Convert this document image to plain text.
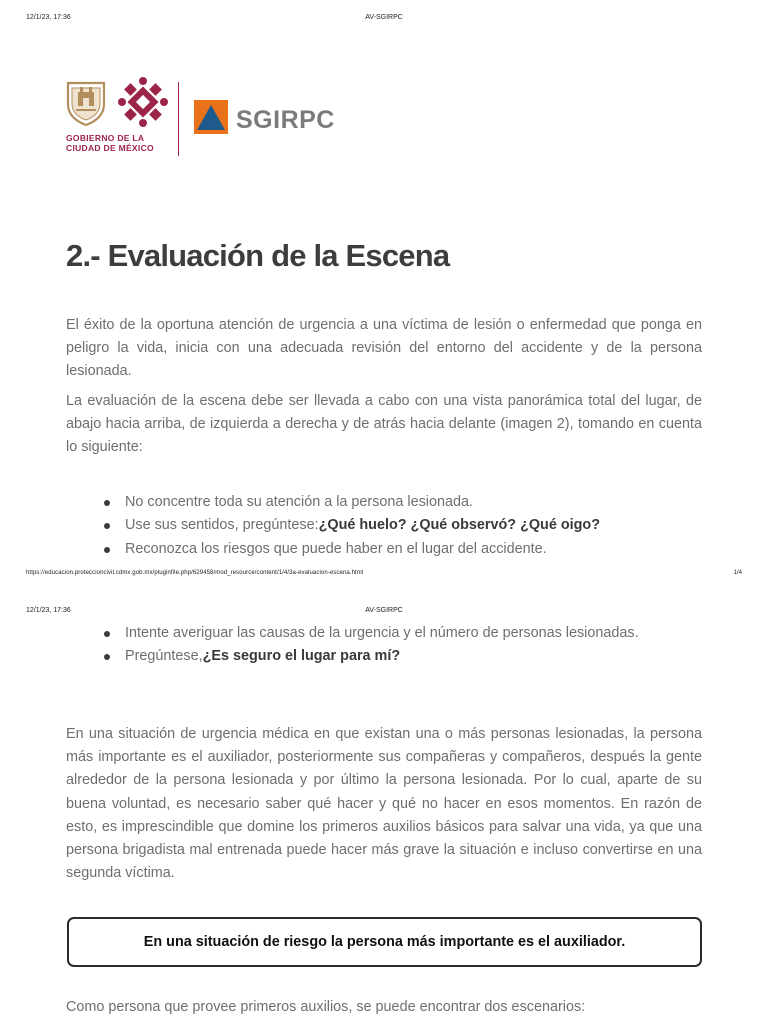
12/1/23, 17:36	AV-SGIRPC
GOBIERNO DE LA
CIUDAD DE MÉXICO
SGIRPC
2.- Evaluación de la Escena

El éxito de la oportuna atención de urgencia a una víctima de lesión o enfermedad que ponga en peligro la vida, inicia con una adecuada revisión del entorno del accidente y de la persona lesionada.

La evaluación de la escena debe ser llevada a cabo con una vista panorámica total del lugar, de abajo hacia arriba, de izquierda a derecha y de atrás hacia delante (imagen 2), tomando en cuenta lo siguiente:

No concentre toda su atención a la persona lesionada.
Use sus sentidos, pregúntese:¿Qué huelo? ¿Qué observó? ¿Qué oigo?
Reconozca los riesgos que puede haber en el lugar del accidente.
https://educacion.proteccioncivil.cdmx.gob.mx/pluginfile.php/629458/mod_resource/content/1/4/3a-evaluacion-escena.html	1/4
12/1/23, 17:36	AV-SGIRPC
Intente averiguar las causas de la urgencia y el número de personas lesionadas.
Pregúntese,¿Es seguro el lugar para mí?

En una situación de urgencia médica en que existan una o más personas lesionadas, la persona más importante es el auxiliador, posteriormente sus compañeras y compañeros, después la gente alrededor de la persona lesionada y por último la persona lesionada. Por lo cual, aparte de su buena voluntad, es necesario saber qué hacer y qué no hacer en esos momentos. En razón de esto, es imprescindible que domine los primeros auxilios básicos para salvar una vida, ya que una persona brigadista mal entrenada puede hacer más grave la situación e incluso convertirse en una segunda víctima.

En una situación de riesgo la persona más importante es el auxiliador.

Como persona que provee primeros auxilios, se puede encontrar dos escenarios:
